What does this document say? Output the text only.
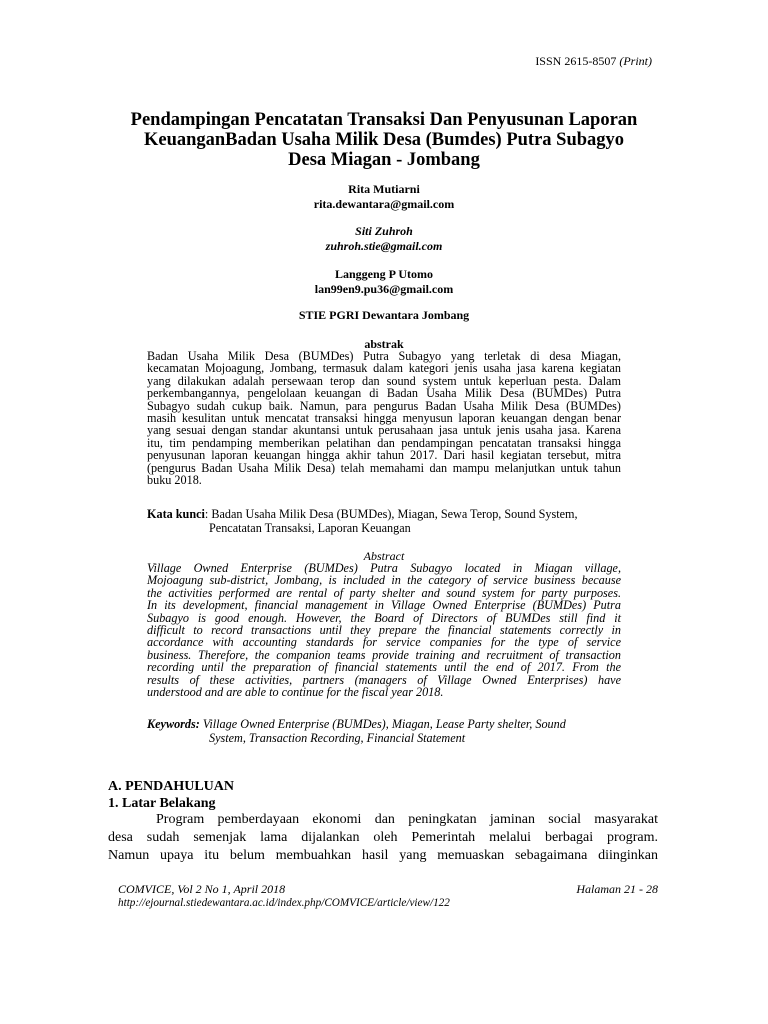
ISSN 2615-8507 (Print)
Pendampingan Pencatatan Transaksi Dan Penyusunan Laporan
KeuanganBadan Usaha Milik Desa (Bumdes) Putra Subagyo
Desa Miagan - Jombang
Rita Mutiarni
rita.dewantara@gmail.com
Siti Zuhroh
zuhroh.stie@gmail.com
Langgeng P Utomo
lan99en9.pu36@gmail.com
STIE PGRI Dewantara Jombang
abstrak
Badan Usaha Milik Desa (BUMDes) Putra Subagyo yang terletak di desa Miagan,
kecamatan Mojoagung, Jombang, termasuk dalam kategori jenis usaha jasa karena kegiatan
yang dilakukan adalah persewaan terop dan sound system untuk keperluan pesta. Dalam
perkembangannya, pengelolaan keuangan di Badan Usaha Milik Desa (BUMDes) Putra
Subagyo sudah cukup baik. Namun, para pengurus Badan Usaha Milik Desa (BUMDes)
masih kesulitan untuk mencatat transaksi hingga menyusun laporan keuangan dengan benar
yang sesuai dengan standar akuntansi untuk perusahaan jasa untuk jenis usaha jasa. Karena
itu, tim pendamping memberikan pelatihan dan pendampingan pencatatan transaksi hingga
penyusunan laporan keuangan hingga akhir tahun 2017. Dari hasil kegiatan tersebut, mitra
(pengurus Badan Usaha Milik Desa) telah memahami dan mampu melanjutkan untuk tahun
buku 2018.
Kata kunci: Badan Usaha Milik Desa (BUMDes), Miagan, Sewa Terop, Sound System,
Pencatatan Transaksi, Laporan Keuangan
Abstract
Village Owned Enterprise (BUMDes) Putra Subagyo located in Miagan village,
Mojoagung sub-district, Jombang, is included in the category of service business because
the activities performed are rental of party shelter and sound system for party purposes.
In its development, financial management in Village Owned Enterprise (BUMDes) Putra
Subagyo is good enough. However, the Board of Directors of BUMDes still find it
difficult to record transactions until they prepare the financial statements correctly in
accordance with accounting standards for service companies for the type of service
business. Therefore, the companion teams provide training and recruitment of transaction
recording until the preparation of financial statements until the end of 2017. From the
results of these activities, partners (managers of Village Owned Enterprises) have
understood and are able to continue for the fiscal year 2018.
Keywords: Village Owned Enterprise (BUMDes), Miagan, Lease Party shelter, Sound
System, Transaction Recording, Financial Statement
A. PENDAHULUAN
1. Latar Belakang
Program pemberdayaan ekonomi dan peningkatan jaminan social masyarakat
desa sudah semenjak lama dijalankan oleh Pemerintah melalui berbagai program.
Namun upaya itu belum membuahkan hasil yang memuaskan sebagaimana diinginkan
COMVICE, Vol 2 No 1, April 2018	Halaman 21 - 28
http://ejournal.stiedewantara.ac.id/index.php/COMVICE/article/view/122
